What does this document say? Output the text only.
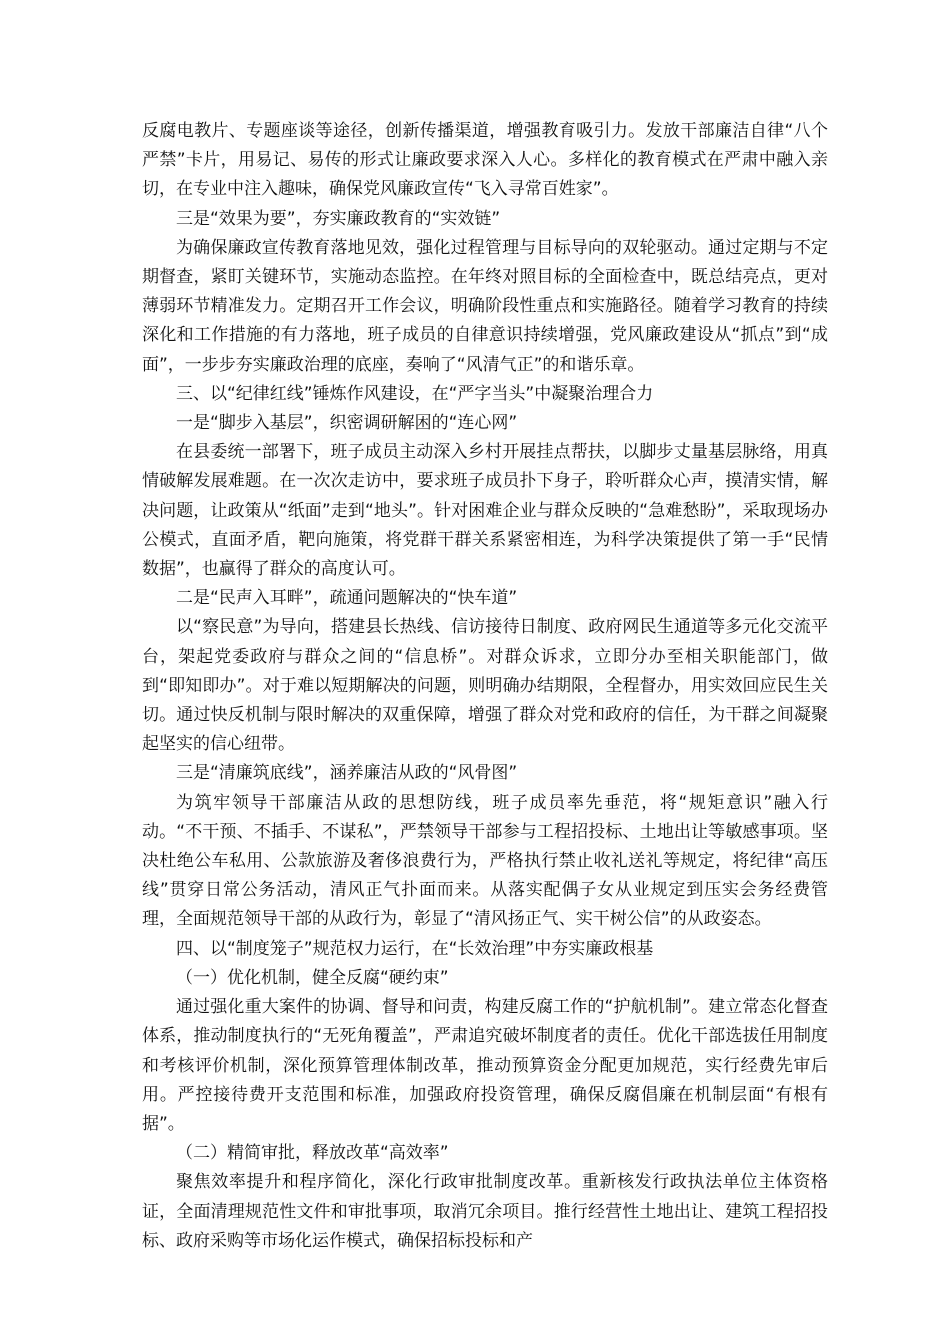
反腐电教片、专题座谈等途径，创新传播渠道，增强教育吸引力。发放干部廉洁自律“八个严禁”卡片，用易记、易传的形式让廉政要求深入人心。多样化的教育模式在严肃中融入亲切，在专业中注入趣味，确保党风廉政宣传“飞入寻常百姓家”。

三是“效果为要”，夯实廉政教育的“实效链”

为确保廉政宣传教育落地见效，强化过程管理与目标导向的双轮驱动。通过定期与不定期督查，紧盯关键环节，实施动态监控。在年终对照目标的全面检查中，既总结亮点，更对薄弱环节精准发力。定期召开工作会议，明确阶段性重点和实施路径。随着学习教育的持续深化和工作措施的有力落地，班子成员的自律意识持续增强，党风廉政建设从“抓点”到“成面”，一步步夯实廉政治理的底座，奏响了“风清气正”的和谐乐章。

三、以“纪律红线”锤炼作风建设，在“严字当头”中凝聚治理合力

一是“脚步入基层”，织密调研解困的“连心网”

在县委统一部署下，班子成员主动深入乡村开展挂点帮扶，以脚步丈量基层脉络，用真情破解发展难题。在一次次走访中，要求班子成员扑下身子，聆听群众心声，摸清实情，解决问题，让政策从“纸面”走到“地头”。针对困难企业与群众反映的“急难愁盼”，采取现场办公模式，直面矛盾，靶向施策，将党群干群关系紧密相连，为科学决策提供了第一手“民情数据”，也赢得了群众的高度认可。

二是“民声入耳畔”，疏通问题解决的“快车道”

以“察民意”为导向，搭建县长热线、信访接待日制度、政府网民生通道等多元化交流平台，架起党委政府与群众之间的“信息桥”。对群众诉求，立即分办至相关职能部门，做到“即知即办”。对于难以短期解决的问题，则明确办结期限，全程督办，用实效回应民生关切。通过快反机制与限时解决的双重保障，增强了群众对党和政府的信任，为干群之间凝聚起坚实的信心纽带。

三是“清廉筑底线”，涵养廉洁从政的“风骨图”

为筑牢领导干部廉洁从政的思想防线，班子成员率先垂范，将“规矩意识”融入行动。“不干预、不插手、不谋私”，严禁领导干部参与工程招投标、土地出让等敏感事项。坚决杜绝公车私用、公款旅游及奢侈浪费行为，严格执行禁止收礼送礼等规定，将纪律“高压线”贯穿日常公务活动，清风正气扑面而来。从落实配偶子女从业规定到压实会务经费管理，全面规范领导干部的从政行为，彰显了“清风扬正气、实干树公信”的从政姿态。

四、以“制度笼子”规范权力运行，在“长效治理”中夯实廉政根基

（一）优化机制，健全反腐“硬约束”

通过强化重大案件的协调、督导和问责，构建反腐工作的“护航机制”。建立常态化督查体系，推动制度执行的“无死角覆盖”，严肃追究破坏制度者的责任。优化干部选拔任用制度和考核评价机制，深化预算管理体制改革，推动预算资金分配更加规范，实行经费先审后用。严控接待费开支范围和标准，加强政府投资管理，确保反腐倡廉在机制层面“有根有据”。

（二）精简审批，释放改革“高效率”

聚焦效率提升和程序简化，深化行政审批制度改革。重新核发行政执法单位主体资格证，全面清理规范性文件和审批事项，取消冗余项目。推行经营性土地出让、建筑工程招投标、政府采购等市场化运作模式，确保招标投标和产
